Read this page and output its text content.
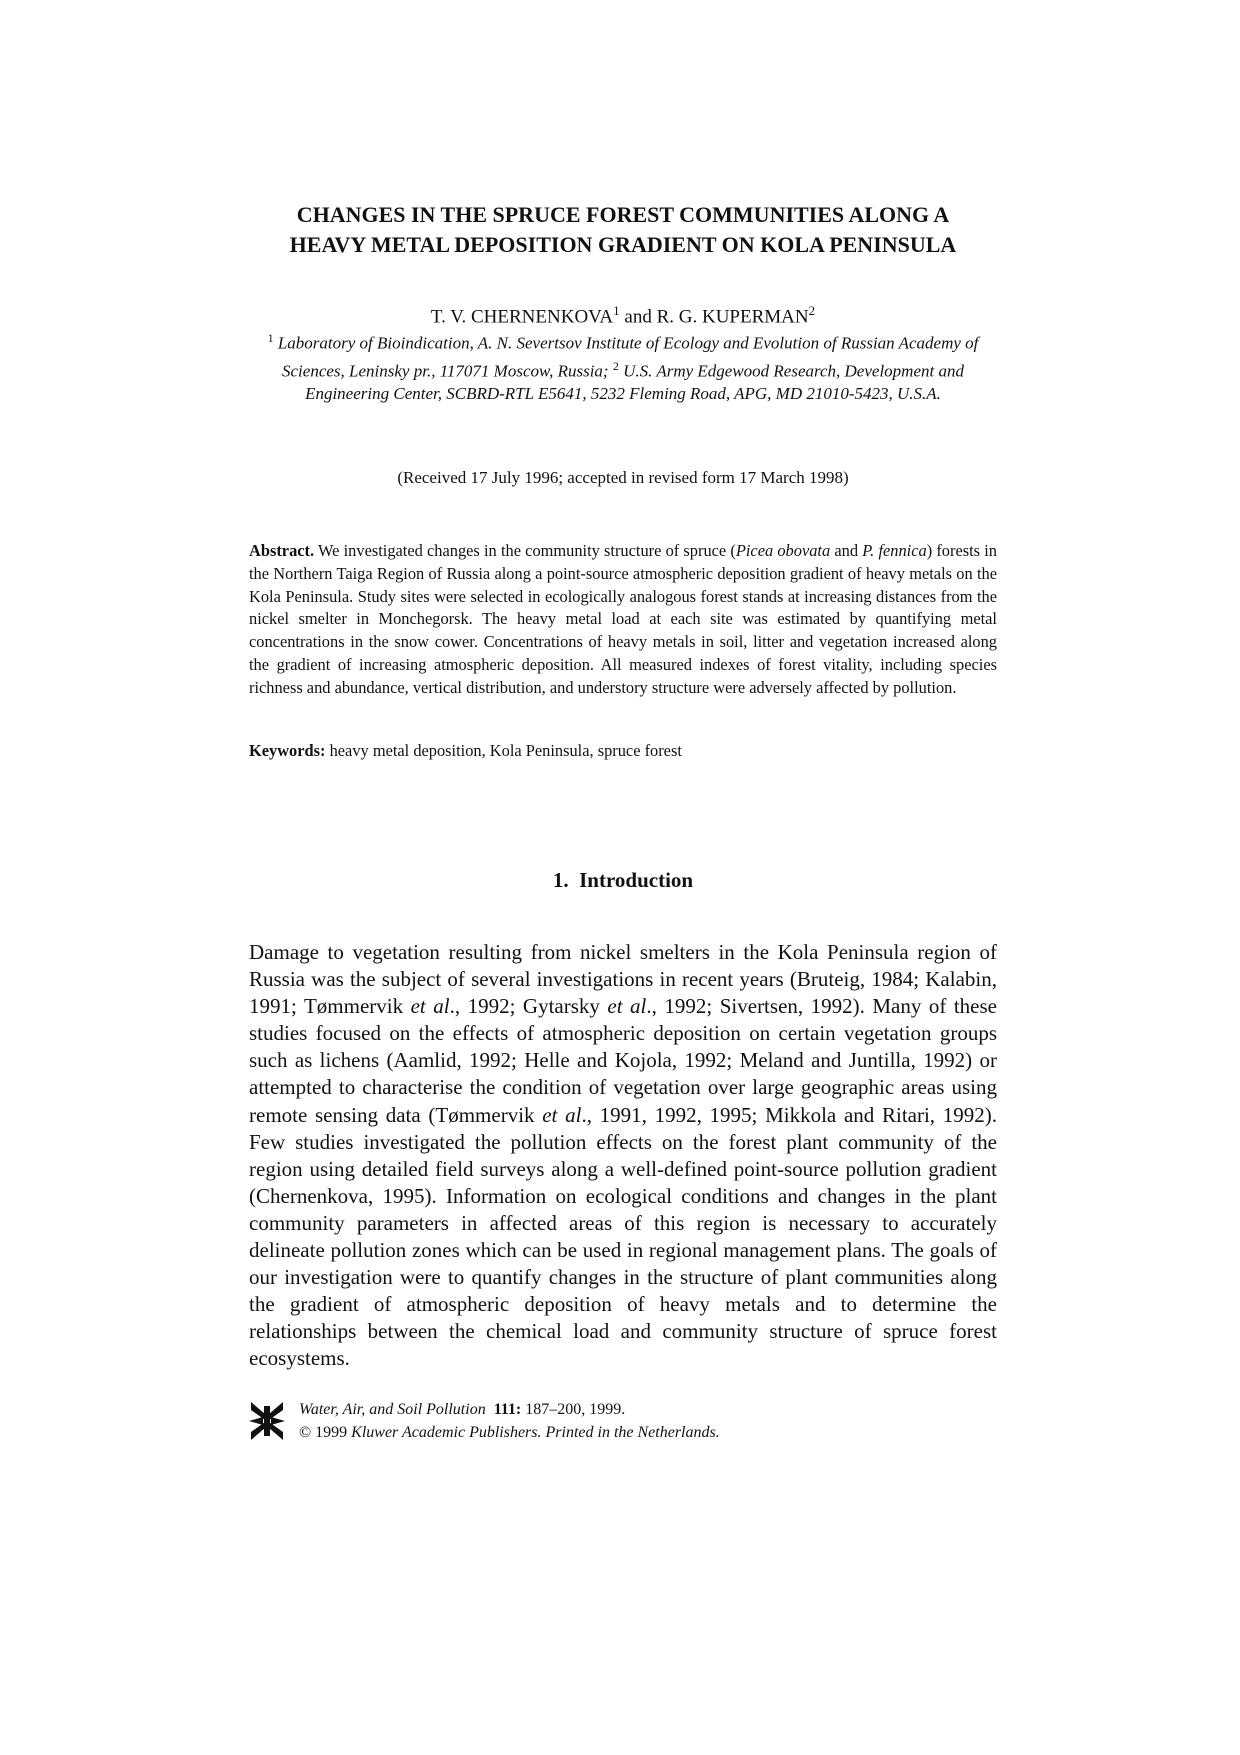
CHANGES IN THE SPRUCE FOREST COMMUNITIES ALONG A
HEAVY METAL DEPOSITION GRADIENT ON KOLA PENINSULA
T. V. CHERNENKOVA$^1$ and R. G. KUPERMAN$^2$
$^1$ Laboratory of Bioindication, A. N. Severtsov Institute of Ecology and Evolution of Russian Academy of Sciences, Leninsky pr., 117071 Moscow, Russia; $^2$ U.S. Army Edgewood Research, Development and Engineering Center, SCBRD-RTL E5641, 5232 Fleming Road, APG, MD 21010-5423, U.S.A.
(Received 17 July 1996; accepted in revised form 17 March 1998)
Abstract. We investigated changes in the community structure of spruce (Picea obovata and P. fennica) forests in the Northern Taiga Region of Russia along a point-source atmospheric deposition gradient of heavy metals on the Kola Peninsula. Study sites were selected in ecologically analogous forest stands at increasing distances from the nickel smelter in Monchegorsk. The heavy metal load at each site was estimated by quantifying metal concentrations in the snow cower. Concentrations of heavy metals in soil, litter and vegetation increased along the gradient of increasing atmospheric deposition. All measured indexes of forest vitality, including species richness and abundance, vertical distribution, and understory structure were adversely affected by pollution.
Keywords: heavy metal deposition, Kola Peninsula, spruce forest
1.  Introduction
Damage to vegetation resulting from nickel smelters in the Kola Peninsula region of Russia was the subject of several investigations in recent years (Bruteig, 1984; Kalabin, 1991; Tømmervik et al., 1992; Gytarsky et al., 1992; Sivertsen, 1992). Many of these studies focused on the effects of atmospheric deposition on certain vegetation groups such as lichens (Aamlid, 1992; Helle and Kojola, 1992; Meland and Juntilla, 1992) or attempted to characterise the condition of vegetation over large geographic areas using remote sensing data (Tømmervik et al., 1991, 1992, 1995; Mikkola and Ritari, 1992). Few studies investigated the pollution effects on the forest plant community of the region using detailed field surveys along a well-defined point-source pollution gradient (Chernenkova, 1995). Information on ecological conditions and changes in the plant community parameters in affected areas of this region is necessary to accurately delineate pollution zones which can be used in regional management plans. The goals of our investigation were to quantify changes in the structure of plant communities along the gradient of atmospheric deposition of heavy metals and to determine the relationships between the chemical load and community structure of spruce forest ecosystems.
Water, Air, and Soil Pollution 111: 187–200, 1999.
© 1999 Kluwer Academic Publishers. Printed in the Netherlands.
